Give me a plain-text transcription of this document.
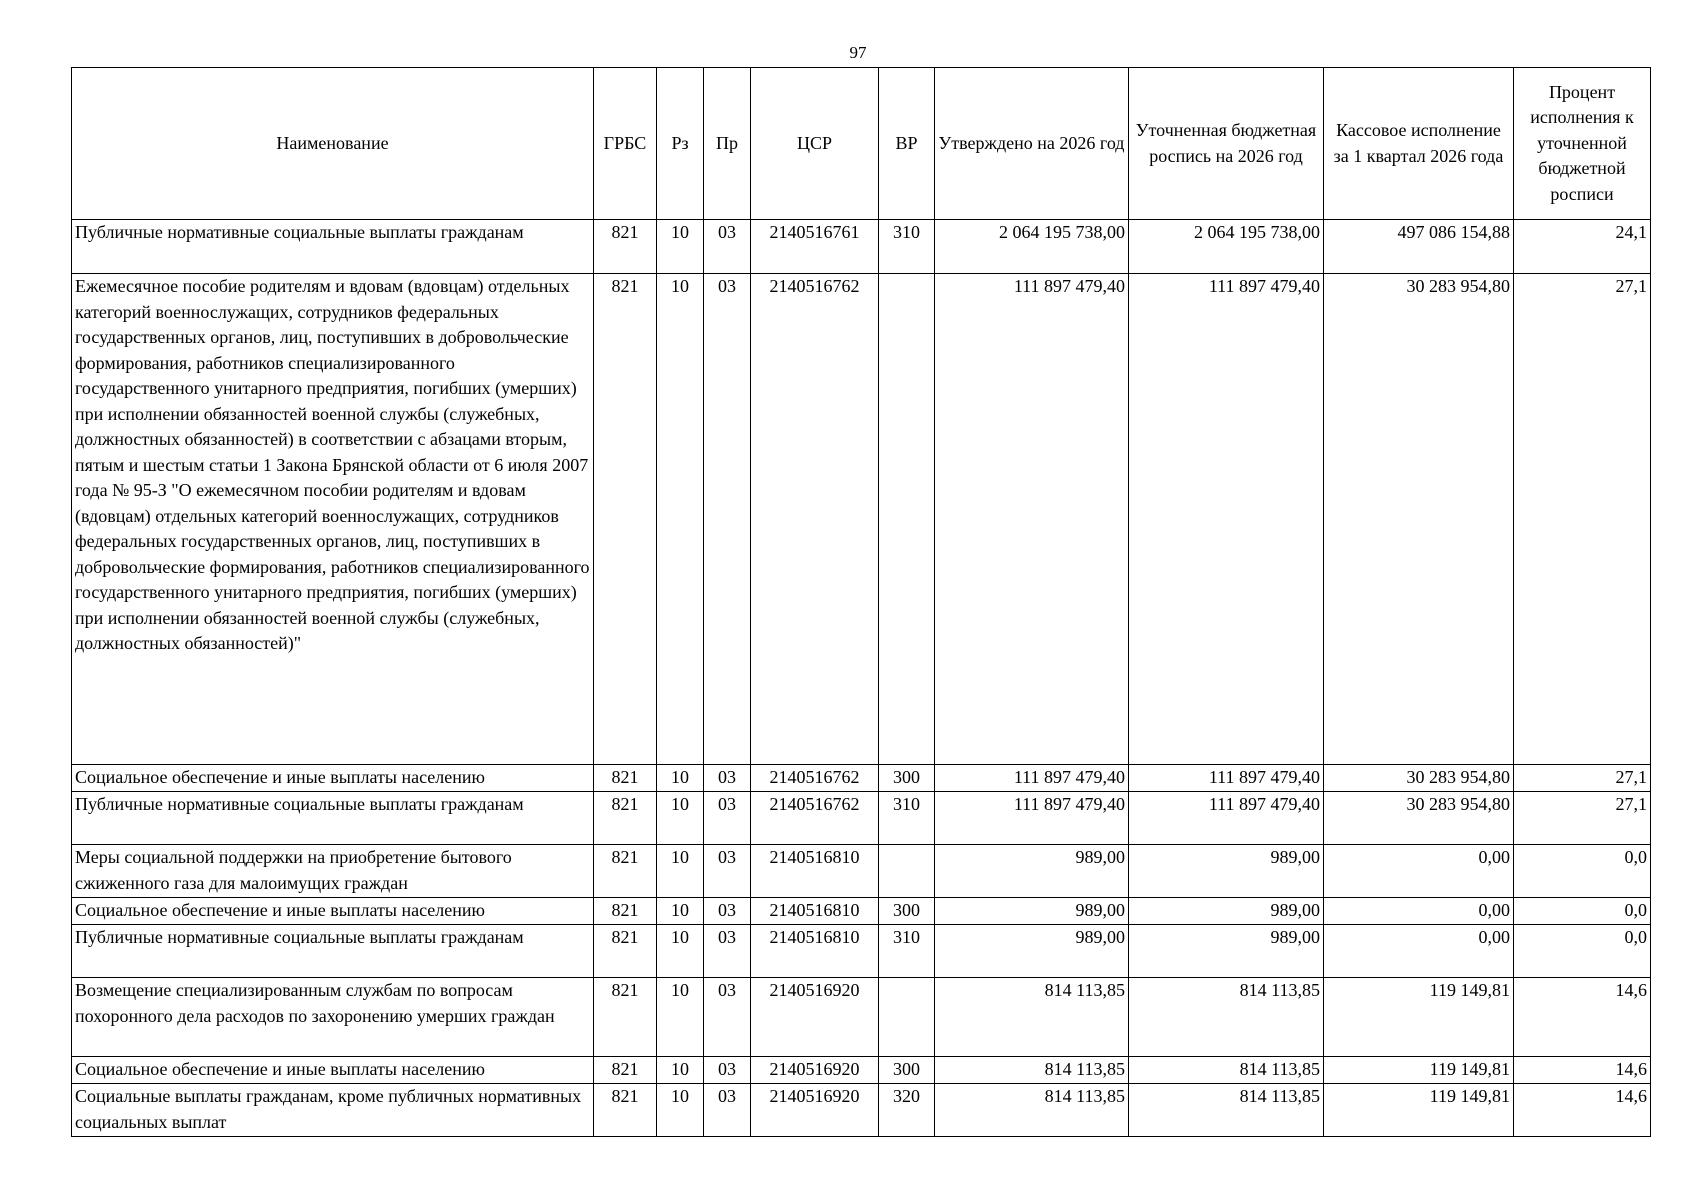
97
Наименование	ГРБС	Рз	Пр	ЦСР	ВР	Утверждено на 2026 год	Уточненная бюджетная роспись на 2026 год	Кассовое исполнение за 1 квартал 2026 года	Процент исполнения к уточненной бюджетной росписи
Публичные нормативные социальные выплаты гражданам	821	10	03	2140516761	310	2 064 195 738,00	2 064 195 738,00	497 086 154,88	24,1
Ежемесячное пособие родителям и вдовам (вдовцам) отдельных категорий военнослужащих, сотрудников федеральных государственных органов, лиц, поступивших в добровольческие формирования, работников специализированного государственного унитарного предприятия, погибших (умерших) при исполнении обязанностей военной службы (служебных, должностных обязанностей) в соответствии с абзацами вторым, пятым и шестым статьи 1 Закона Брянской области от 6 июля 2007 года № 95-З "О ежемесячном пособии родителям и вдовам (вдовцам) отдельных категорий военнослужащих, сотрудников федеральных государственных органов, лиц, поступивших в добровольческие формирования, работников специализированного государственного унитарного предприятия, погибших (умерших) при исполнении обязанностей военной службы (служебных, должностных обязанностей)"	821	10	03	2140516762		111 897 479,40	111 897 479,40	30 283 954,80	27,1
Социальное обеспечение и иные выплаты населению	821	10	03	2140516762	300	111 897 479,40	111 897 479,40	30 283 954,80	27,1
Публичные нормативные социальные выплаты гражданам	821	10	03	2140516762	310	111 897 479,40	111 897 479,40	30 283 954,80	27,1
Меры социальной поддержки на приобретение бытового сжиженного газа для малоимущих граждан	821	10	03	2140516810		989,00	989,00	0,00	0,0
Социальное обеспечение и иные выплаты населению	821	10	03	2140516810	300	989,00	989,00	0,00	0,0
Публичные нормативные социальные выплаты гражданам	821	10	03	2140516810	310	989,00	989,00	0,00	0,0
Возмещение специализированным службам по вопросам похоронного дела расходов по захоронению умерших граждан	821	10	03	2140516920		814 113,85	814 113,85	119 149,81	14,6
Социальное обеспечение и иные выплаты населению	821	10	03	2140516920	300	814 113,85	814 113,85	119 149,81	14,6
Социальные выплаты гражданам, кроме публичных нормативных социальных выплат	821	10	03	2140516920	320	814 113,85	814 113,85	119 149,81	14,6
